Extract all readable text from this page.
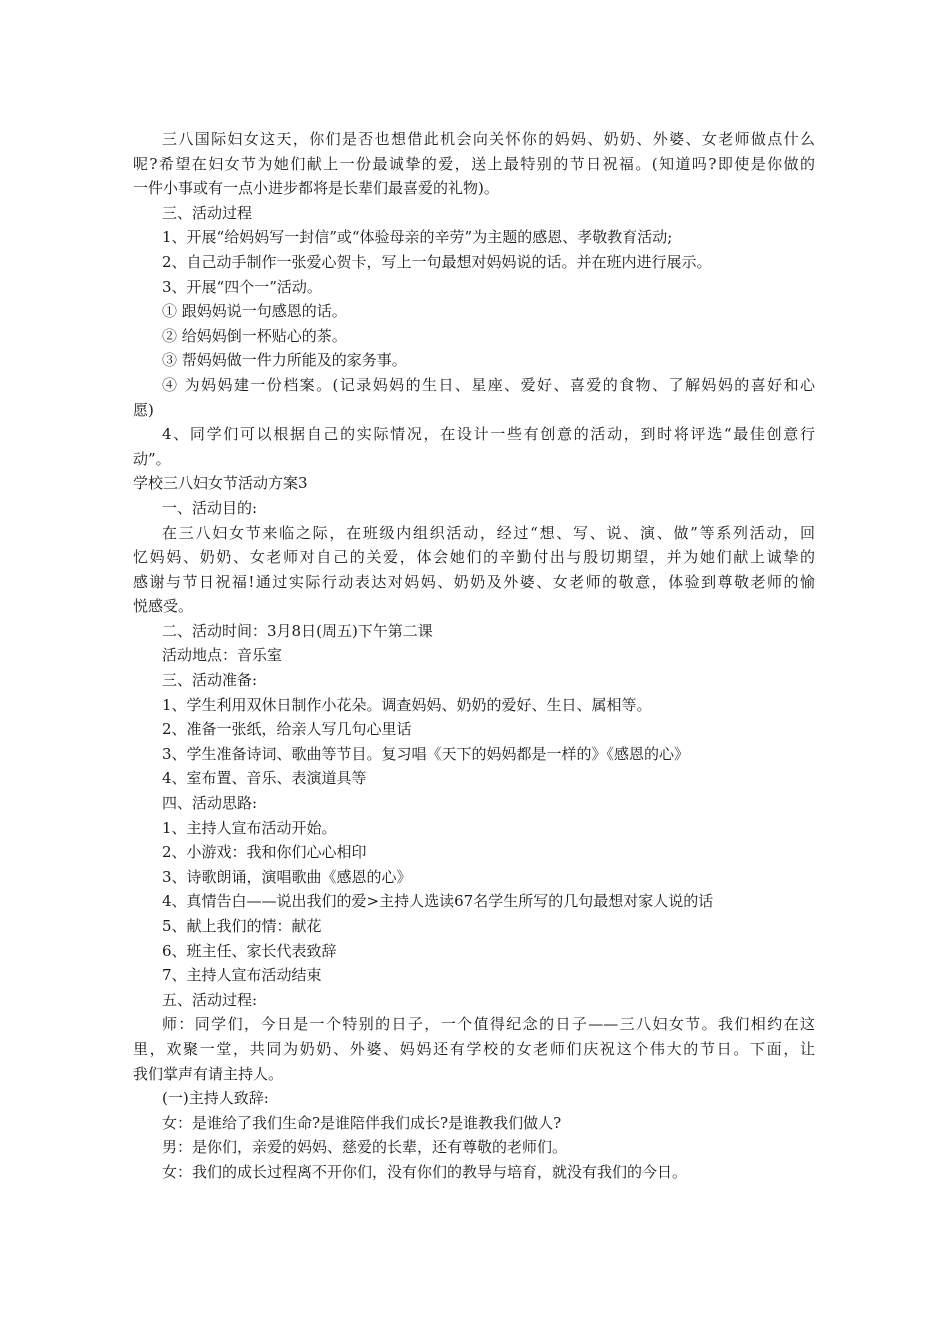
三八国际妇女这天，你们是否也想借此机会向关怀你的妈妈、奶奶、外婆、女老师做点什么

呢?希望在妇女节为她们献上一份最诚挚的爱，送上最特别的节日祝福。(知道吗?即使是你做的

一件小事或有一点小进步都将是长辈们最喜爱的礼物)。

三、活动过程

1、开展“给妈妈写一封信”或“体验母亲的辛劳”为主题的感恩、孝敬教育活动;

2、自己动手制作一张爱心贺卡，写上一句最想对妈妈说的话。并在班内进行展示。

3、开展“四个一”活动。

① 跟妈妈说一句感恩的话。

② 给妈妈倒一杯贴心的茶。

③ 帮妈妈做一件力所能及的家务事。

④ 为妈妈建一份档案。(记录妈妈的生日、星座、爱好、喜爱的食物、了解妈妈的喜好和心

愿)

4、同学们可以根据自己的实际情况，在设计一些有创意的活动，到时将评选“最佳创意行

动”。

学校三八妇女节活动方案3

一、活动目的:

在三八妇女节来临之际，在班级内组织活动，经过“想、写、说、演、做”等系列活动，回

忆妈妈、奶奶、女老师对自己的关爱，体会她们的辛勤付出与殷切期望，并为她们献上诚挚的

感谢与节日祝福!通过实际行动表达对妈妈、奶奶及外婆、女老师的敬意，体验到尊敬老师的愉

悦感受。

二、活动时间：3月8日(周五)下午第二课

活动地点：音乐室

三、活动准备:

1、学生利用双休日制作小花朵。调查妈妈、奶奶的爱好、生日、属相等。

2、准备一张纸，给亲人写几句心里话

3、学生准备诗词、歌曲等节目。复习唱《天下的妈妈都是一样的》《感恩的心》

4、室布置、音乐、表演道具等

四、活动思路:

1、主持人宣布活动开始。

2、小游戏：我和你们心心相印

3、诗歌朗诵，演唱歌曲《感恩的心》

4、真情告白——说出我们的爱>主持人选读67名学生所写的几句最想对家人说的话

5、献上我们的情：献花

6、班主任、家长代表致辞

7、主持人宣布活动结束

五、活动过程:

师：同学们，今日是一个特别的日子，一个值得纪念的日子——三八妇女节。我们相约在这

里，欢聚一堂，共同为奶奶、外婆、妈妈还有学校的女老师们庆祝这个伟大的节日。下面，让

我们掌声有请主持人。

(一)主持人致辞:

女：是谁给了我们生命?是谁陪伴我们成长?是谁教我们做人?

男：是你们，亲爱的妈妈、慈爱的长辈，还有尊敬的老师们。

女：我们的成长过程离不开你们，没有你们的教导与培育，就没有我们的今日。
